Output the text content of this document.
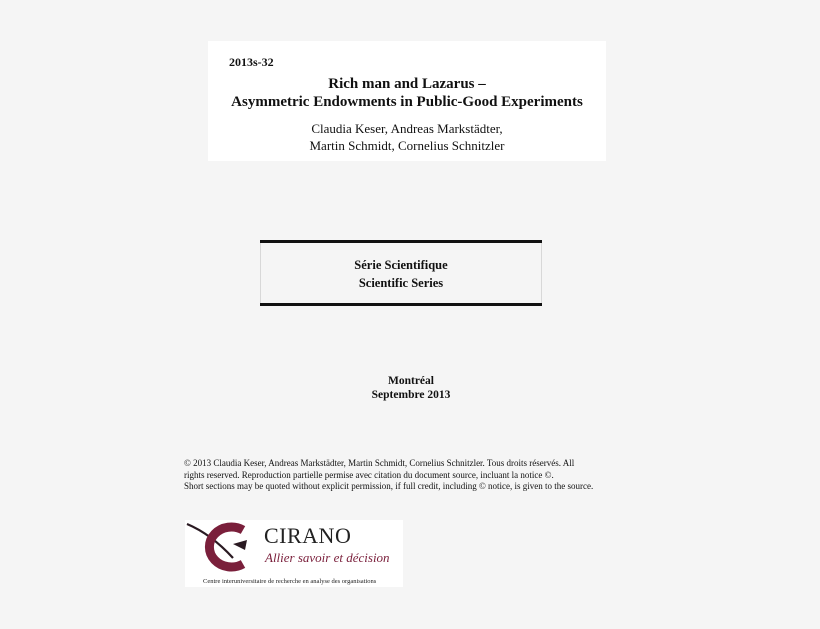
2013s-32
Rich man and Lazarus –
Asymmetric Endowments in Public-Good Experiments
Claudia Keser, Andreas Markstädter,
Martin Schmidt, Cornelius Schnitzler
Série Scientifique
Scientific Series
Montréal
Septembre 2013
© 2013 Claudia Keser, Andreas Markstädter, Martin Schmidt, Cornelius Schnitzler. Tous droits réservés. All
rights reserved. Reproduction partielle permise avec citation du document source, incluant la notice ©.
Short sections may be quoted without explicit permission, if full credit, including © notice, is given to the source.
CIRANO
Allier savoir et décision
Centre interuniversitaire de recherche en analyse des organisations
